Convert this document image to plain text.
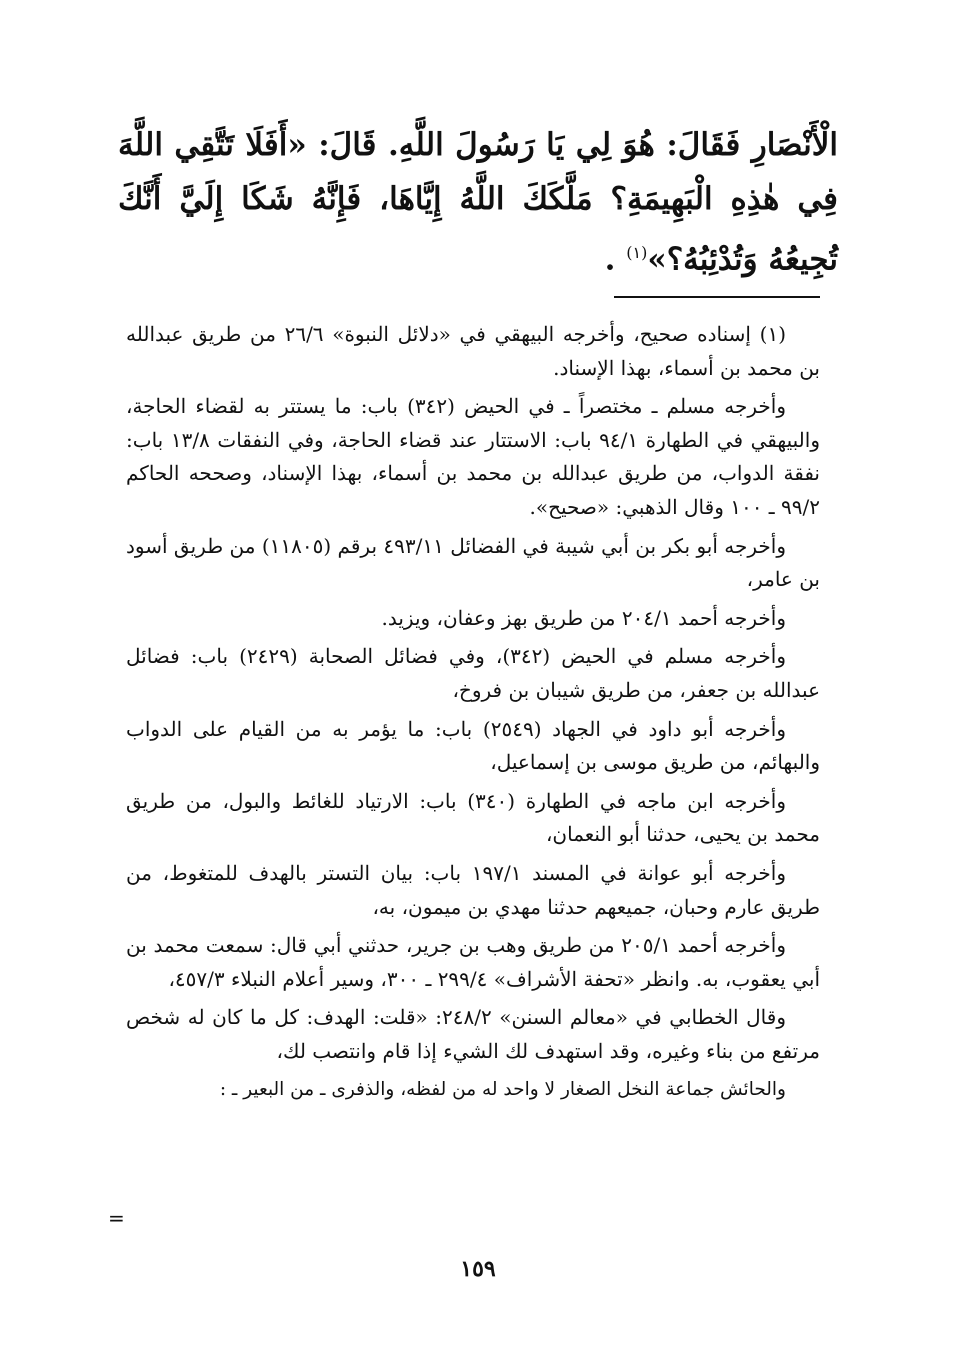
الْأَنْصَارِ فَقَالَ: هُوَ لِي يَا رَسُولَ اللَّهِ. قَالَ: «أَفَلَا تَتَّقِي اللَّهَ فِي هٰذِهِ الْبَهِيمَةِ؟ مَلَّكَكَ اللَّهُ إِيَّاهَا، فَإِنَّهُ شَكَا إِلَيَّ أَنَّكَ تُجِيعُهُ وَتُدْئِبُهُ؟»$^{(١)}$ .

(١) إسناده صحيح، وأخرجه البيهقي في «دلائل النبوة» ٢٦/٦ من طريق عبدالله بن محمد بن أسماء، بهذا الإسناد.

وأخرجه مسلم ـ مختصراً ـ في الحيض (٣٤٢) باب: ما يستتر به لقضاء الحاجة، والبيهقي في الطهارة ٩٤/١ باب: الاستتار عند قضاء الحاجة، وفي النفقات ١٣/٨ باب: نفقة الدواب، من طريق عبدالله بن محمد بن أسماء، بهذا الإسناد، وصححه الحاكم ٩٩/٢ ـ ١٠٠ وقال الذهبي: «صحيح».

وأخرجه أبو بكر بن أبي شيبة في الفضائل ٤٩٣/١١ برقم (١١٨٠٥) من طريق أسود بن عامر،

وأخرجه أحمد ٢٠٤/١ من طريق بهز وعفان، ويزيد.

وأخرجه مسلم في الحيض (٣٤٢)، وفي فضائل الصحابة (٢٤٢٩) باب: فضائل عبدالله بن جعفر، من طريق شيبان بن فروخ،

وأخرجه أبو داود في الجهاد (٢٥٤٩) باب: ما يؤمر به من القيام على الدواب والبهائم، من طريق موسى بن إسماعيل،

وأخرجه ابن ماجه في الطهارة (٣٤٠) باب: الارتياد للغائط والبول، من طريق محمد بن يحيى، حدثنا أبو النعمان،

وأخرجه أبو عوانة في المسند ١٩٧/١ باب: بيان التستر بالهدف للمتغوط، من طريق عارم وحبان، جميعهم حدثنا مهدي بن ميمون، به،

وأخرجه أحمد ٢٠٥/١ من طريق وهب بن جرير، حدثني أبي قال: سمعت محمد بن أبي يعقوب، به. وانظر «تحفة الأشراف» ٢٩٩/٤ ـ ٣٠٠، وسير أعلام النبلاء ٤٥٧/٣،

وقال الخطابي في «معالم السنن» ٢٤٨/٢: «قلت: الهدف: كل ما كان له شخص مرتفع من بناء وغيره، وقد استهدف لك الشيء إذا قام وانتصب لك،

والحائش جماعة النخل الصغار لا واحد له من لفظه، والذفرى ـ من البعير ـ :

=
١٥٩
